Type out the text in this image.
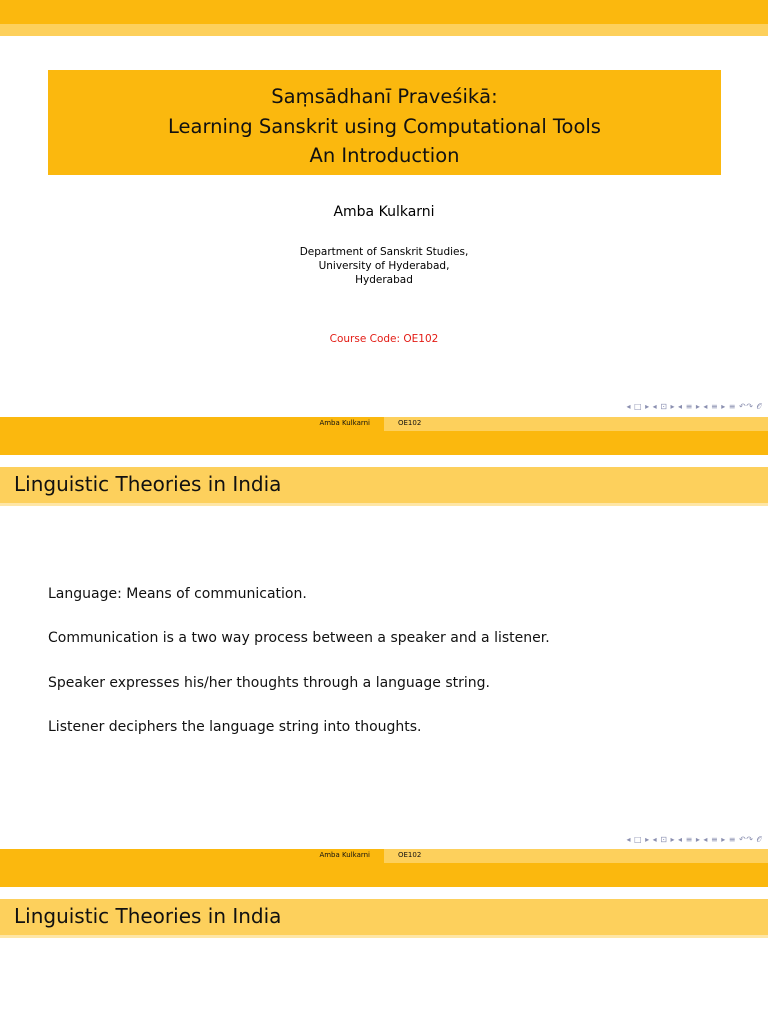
Saṃsādhanī Praveśikā:
Learning Sanskrit using Computational Tools
An Introduction
Amba Kulkarni
Department of Sanskrit Studies,
University of Hyderabad,
Hyderabad
Course Code: OE102
◂ □ ▸ ◂ ⊡ ▸ ◂ ≡ ▸ ◂ ≡ ▸ ≡ ↶↷ 𝒪
Amba Kulkarni	OE102
Linguistic Theories in India
Language: Means of communication.
Communication is a two way process between a speaker and a listener.
Speaker expresses his/her thoughts through a language string.
Listener deciphers the language string into thoughts.
◂ □ ▸ ◂ ⊡ ▸ ◂ ≡ ▸ ◂ ≡ ▸ ≡ ↶↷ 𝒪
Amba Kulkarni	OE102
Linguistic Theories in India
